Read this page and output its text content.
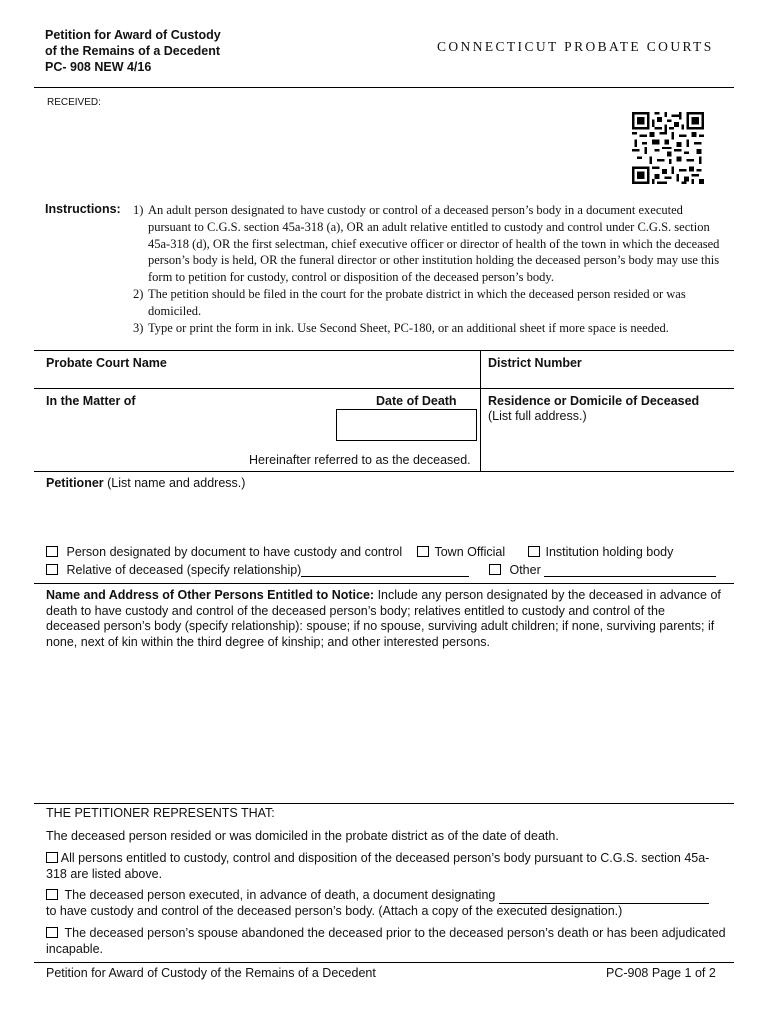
Petition for Award of Custody
of the Remains of a Decedent
PC- 908 NEW 4/16
CONNECTICUT PROBATE COURTS
RECEIVED:
Instructions: 1) An adult person designated to have custody or control of a deceased person’s body in a document executed pursuant to C.G.S. section 45a-318 (a), OR an adult relative entitled to custody and control under C.G.S. section 45a-318 (d), OR the first selectman, chief executive officer or director of health of the town in which the deceased person’s body is held, OR the funeral director or other institution holding the deceased person’s body may use this form to petition for custody, control or disposition of the deceased person’s body.
2) The petition should be filed in the court for the probate district in which the deceased person resided or was domiciled.
3) Type or print the form in ink. Use Second Sheet, PC-180, or an additional sheet if more space is needed.
Probate Court Name	District Number
In the Matter of	Date of Death	Residence or Domicile of Deceased
(List full address.)
Hereinafter referred to as the deceased.
Petitioner (List name and address.)
Person designated by document to have custody and control	Town Official	Institution holding body
Relative of deceased (specify relationship)	Other
Name and Address of Other Persons Entitled to Notice: Include any person designated by the deceased in advance of death to have custody and control of the deceased person’s body; relatives entitled to custody and control of the deceased person’s body (specify relationship): spouse; if no spouse, surviving adult children; if none, surviving parents; if none, next of kin within the third degree of kinship; and other interested persons.
THE PETITIONER REPRESENTS THAT:
The deceased person resided or was domiciled in the probate district as of the date of death.
All persons entitled to custody, control and disposition of the deceased person’s body pursuant to C.G.S. section 45a-318 are listed above.
The deceased person executed, in advance of death, a document designating
to have custody and control of the deceased person’s body. (Attach a copy of the executed designation.)
The deceased person’s spouse abandoned the deceased prior to the deceased person’s death or has been adjudicated incapable.
Petition for Award of Custody of the Remains of a Decedent	PC-908 Page 1 of 2
